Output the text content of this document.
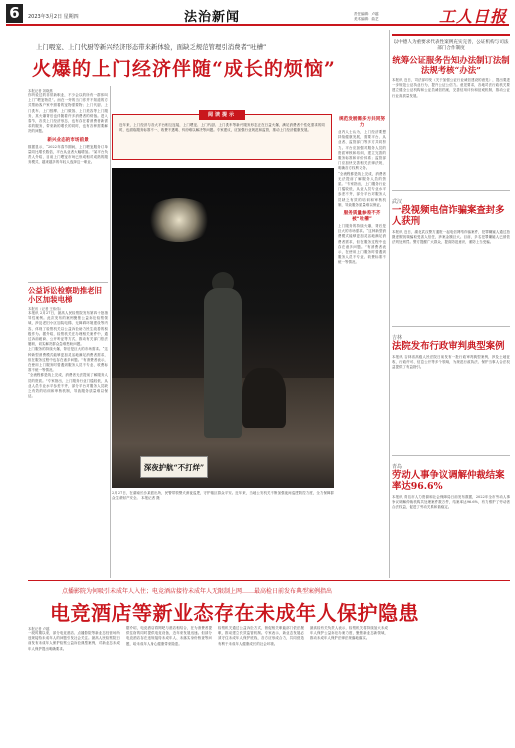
6	2023年3月2日 星期四	法治新闻	责任编辑：卢越
美术编辑：曲艺	工人日报
上门喂宠、上门代厨等新兴经济形态带来新体验，面缺乏规范管理引消费者“吐槽”
火爆的上门经济伴随“成长的烦恼”
本报记者 刘晓燕

你听说过的非常新职业，不少会以的所有一群体叫上门“喂宠物员”。而在一旁的当门你并不知道的方式帮助客户家中照看的宠物需要物；上门代厨、上门洗车、上门按摩、上门做饭、上门美容等上门服务，其火爆背后也伴随着许多消费者的烦恼。进入春节，各类上门经济形态，也有存在着消费者新需求的服务，带来新的增长的同时，也有各种需要解决的问题。

新兴业态的市场前景

数据显示，“2022年春节期间，上门喂宠服务订单量同比增长数倍，平台从业者大幅增加。”某平台负责人介绍，目前上门喂宠市场已形成相对成熟的服务模式，越来越多的年轻人选择这一职业。

阅读提示

近年来，上门经济与各大平台相互连接，上门喂宠、上门代厨、上门洗车等新兴服务形态正在日益火爆，满足消费者个性化需求的同时，也面临服务标准不一、收费不透明、纠纷难以解决等问题。专家建议，应加强行业规范和监管，推动上门经济健康发展。

深夜护航“不打烊”
2月27日，在湖南长沙某派出所，民警带领警犬深夜巡逻，守护辖区群众平安。近年来，当地公安机关不断加强夜间巡逻防控力度，全力保障群众生命财产安全。 本报记者 摄
规范发展需多方共同努力

业内人士认为，上门经济要想持续健康发展，需要平台、从业者、监管部门等多方共同努力。平台应加强对服务人员的资质审核和培训，建立完善的服务标准和评价体系；监管部门应加快完善相关法律法规，明确各方权利义务。

“全流程都是线上完成，消费者无法提前了解服务人员的资质。”专家指出，上门服务行业门槛较低，从业人员专业水平参差不齐，部分平台对服务人员缺乏有效的培训和审核机制，导致服务质量难以保证。

服务质量参差不齐被“吐槽”

上门服务的持续火爆，背后是巨大的市场需求。“这种新型消费模式能够更加灵活地满足消费者需求，但在服务过程中也存在诸多问题。”有消费者表示，在使用上门服务时曾遇到服务人员不专业、收费标准不统一等情况。

公益诉讼检察助推老旧小区加装电梯
本报讯（记者 王伟伟）

本报讯 2月27日，最高人民检察院发布第四十批指导性案例。此次发布的案例聚焦公益诉讼检察领域，涉及老旧小区加装电梯、无障碍环境建设等内容，体现了检察机关以公益诉讼助力民生改善的积极作为。据介绍，检察机关在办理相关案件中，通过诉前磋商、公开听证等方式，推动有关部门依法履职，切实解决群众急难愁盼问题。

上门服务的持续火爆，背后是巨大的市场需求。“这种新型消费模式能够更加灵活地满足消费者需求，但在服务过程中也存在诸多问题。”有消费者表示，在使用上门服务时曾遇到服务人员不专业、收费标准不统一等情况。

“全流程都是线上完成，消费者无法提前了解服务人员的资质。”专家指出，上门服务行业门槛较低，从业人员专业水平参差不齐，部分平台对服务人员缺乏有效的培训和审核机制，导致服务质量难以保证。

以中德人为重要求代表性案例充实完善，公证机构与司法部门合作制度
统筹公证服务告知办法制订法制法规考核“办法”

本报讯 近日，司法部印发《关于加强公证行业诚信建设的意见》，提出要进一步规范公证执业行为，提升公证公信力。意见要求，各地司法行政机关要建立健全公证机构和公证员诚信档案，完善信用评价和惩戒机制，推动公证行业高质量发展。

武汉
一段视频电信诈骗案查封多人获刑

本报讯 近日，湖北武汉警方通报一起电信网络诈骗案件，犯罪嫌疑人通过拍摄虚假视频骗取受害人信任，涉案金额巨大。目前，多名犯罪嫌疑人已被依法判处刑罚。警方提醒广大群众，提高防范意识，谨防上当受骗。

吉林
法院发布行政审判典型案例

本报讯 吉林省高级人民法院日前发布一批行政审判典型案例，涉及土地征收、行政许可、信息公开等多个领域，为规范行政执法、保护当事人合法权益提供了有益指引。

青岛
劳动人事争议调解仲裁结案率达96.6%

本报讯 青岛市人力资源和社会保障局日前发布数据，2022年全市劳动人事争议调解仲裁机构共处理案件数万件，结案率达96.6%，有力维护了劳动者合法权益，促进了劳动关系和谐稳定。

点播影院为何吸引未成年人入住；电竞酒店接待未成年人无限制上网……最高检日前发布典型案例指出
电竞酒店等新业态存在未成年人保护隐患
本报记者 卢越

一段时期以来，部分电竞酒店、点播影院等新业态经营场所违规接待未成年人的问题引发社会关注。最高人民检察院日前发布未成年人保护检察公益诉讼典型案例，对新业态未成年人保护提出明确要求。

据介绍，电竞酒店将网吧与酒店相结合，在为消费者提供住宿的同时提供电竞设备，近年来发展迅速。但部分电竞酒店存在违规接待未成年人、未落实身份核查等问题，给未成年人身心健康带来隐患。

检察机关通过公益诉讼方式，督促相关职能部门依法履职，推动建立长效监管机制。专家表示，新业态发展必须守住未成年人保护底线，各方应形成合力，共同营造有利于未成年人健康成长的社会环境。

最高检有关负责人表示，检察机关将持续加大未成年人保护公益诉讼办案力度，聚焦新业态新领域，推动未成年人保护法律法规落地落实。
